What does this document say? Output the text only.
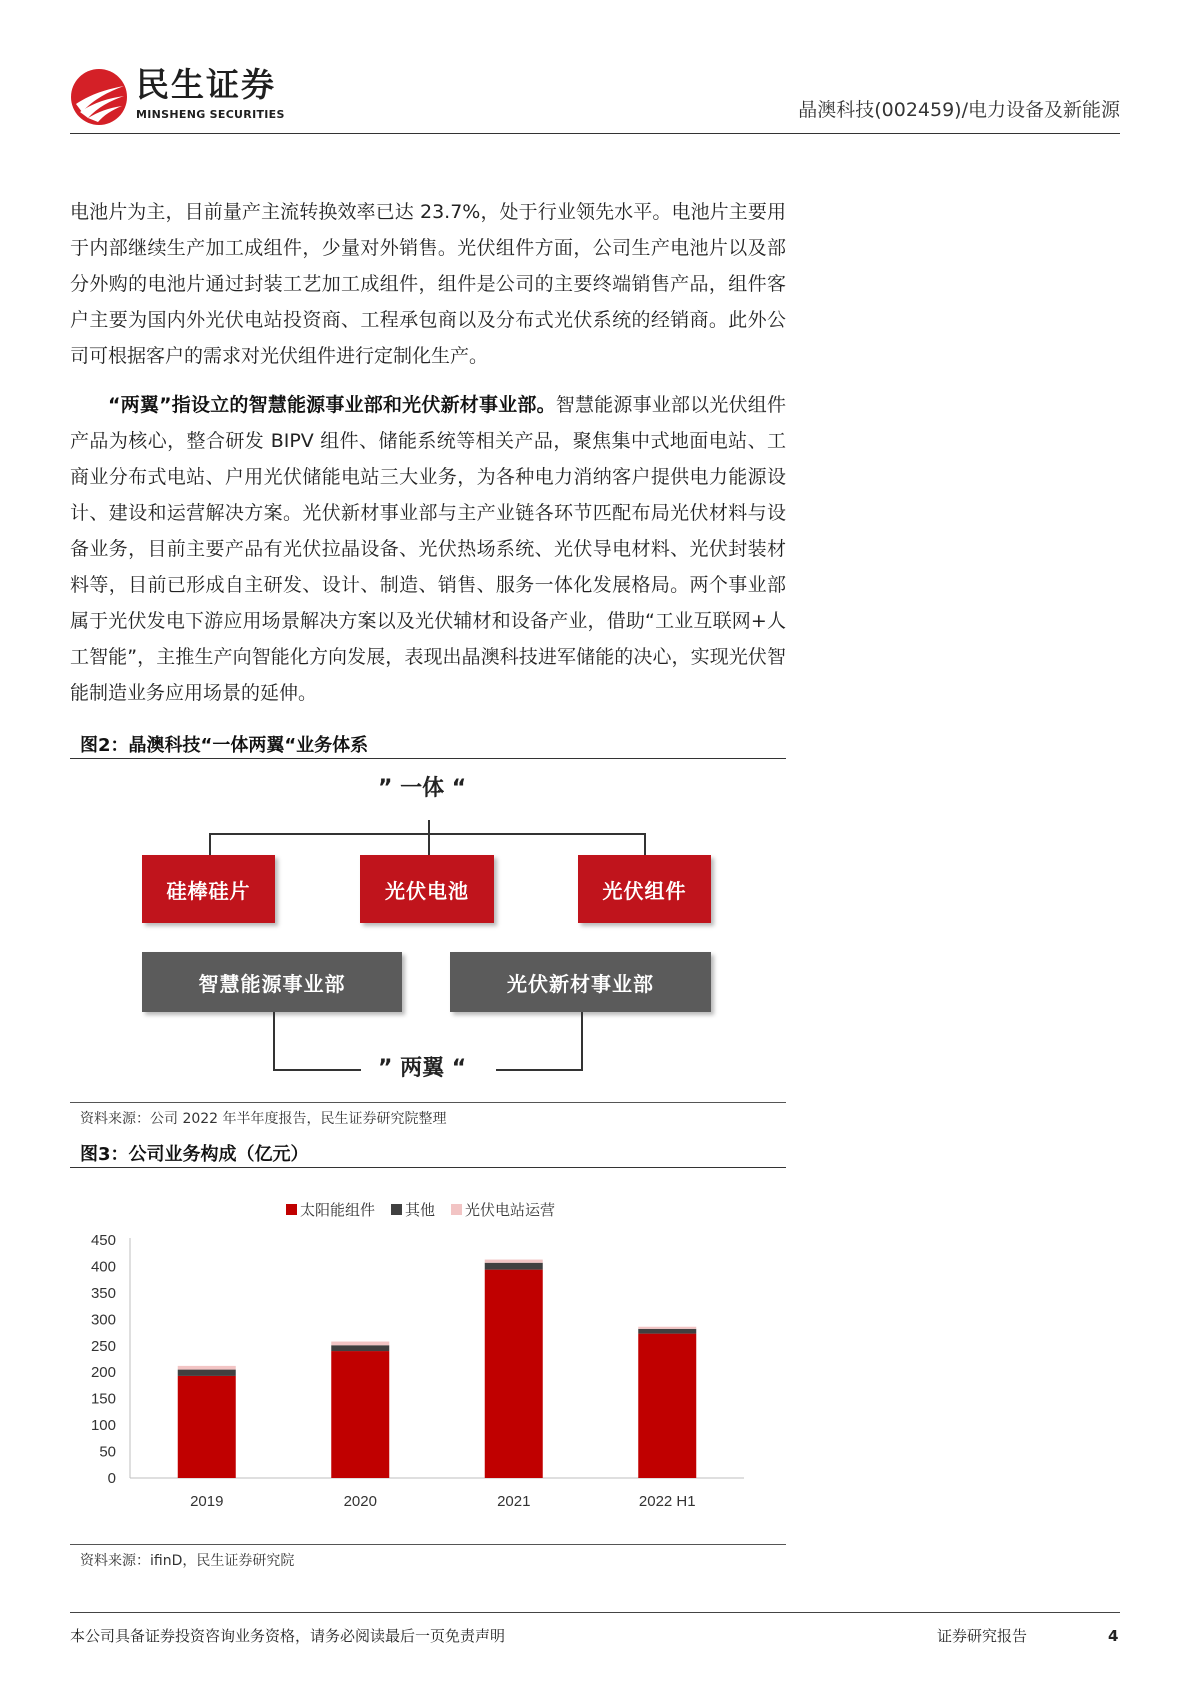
民生证券
MINSHENG SECURITIES	晶澳科技(002459)/电力设备及新能源

电池片为主，目前量产主流转换效率已达 23.7%，处于行业领先水平。电池片主要用于内部继续生产加工成组件，少量对外销售。光伏组件方面，公司生产电池片以及部分外购的电池片通过封装工艺加工成组件，组件是公司的主要终端销售产品，组件客户主要为国内外光伏电站投资商、工程承包商以及分布式光伏系统的经销商。此外公司可根据客户的需求对光伏组件进行定制化生产。

“两翼”指设立的智慧能源事业部和光伏新材事业部。智慧能源事业部以光伏组件产品为核心，整合研发 BIPV 组件、储能系统等相关产品，聚焦集中式地面电站、工商业分布式电站、户用光伏储能电站三大业务，为各种电力消纳客户提供电力能源设计、建设和运营解决方案。光伏新材事业部与主产业链各环节匹配布局光伏材料与设备业务，目前主要产品有光伏拉晶设备、光伏热场系统、光伏导电材料、光伏封装材料等，目前已形成自主研发、设计、制造、销售、服务一体化发展格局。两个事业部属于光伏发电下游应用场景解决方案以及光伏辅材和设备产业，借助“工业互联网+人工智能”，主推生产向智能化方向发展，表现出晶澳科技进军储能的决心，实现光伏智能制造业务应用场景的延伸。

图2：晶澳科技“一体两翼“业务体系
” 一体 “
硅棒硅片	光伏电池	光伏组件
智慧能源事业部	光伏新材事业部
” 两翼 “
资料来源：公司 2022 年半年度报告，民生证券研究院整理
图3：公司业务构成（亿元）
太阳能组件 其他 光伏电站运营
0
50
100
150
200
250
300
350
400
450
2019	2020	2021	2022 H1
资料来源：ifinD，民生证券研究院
本公司具备证券投资咨询业务资格，请务必阅读最后一页免责声明	证券研究报告	4
